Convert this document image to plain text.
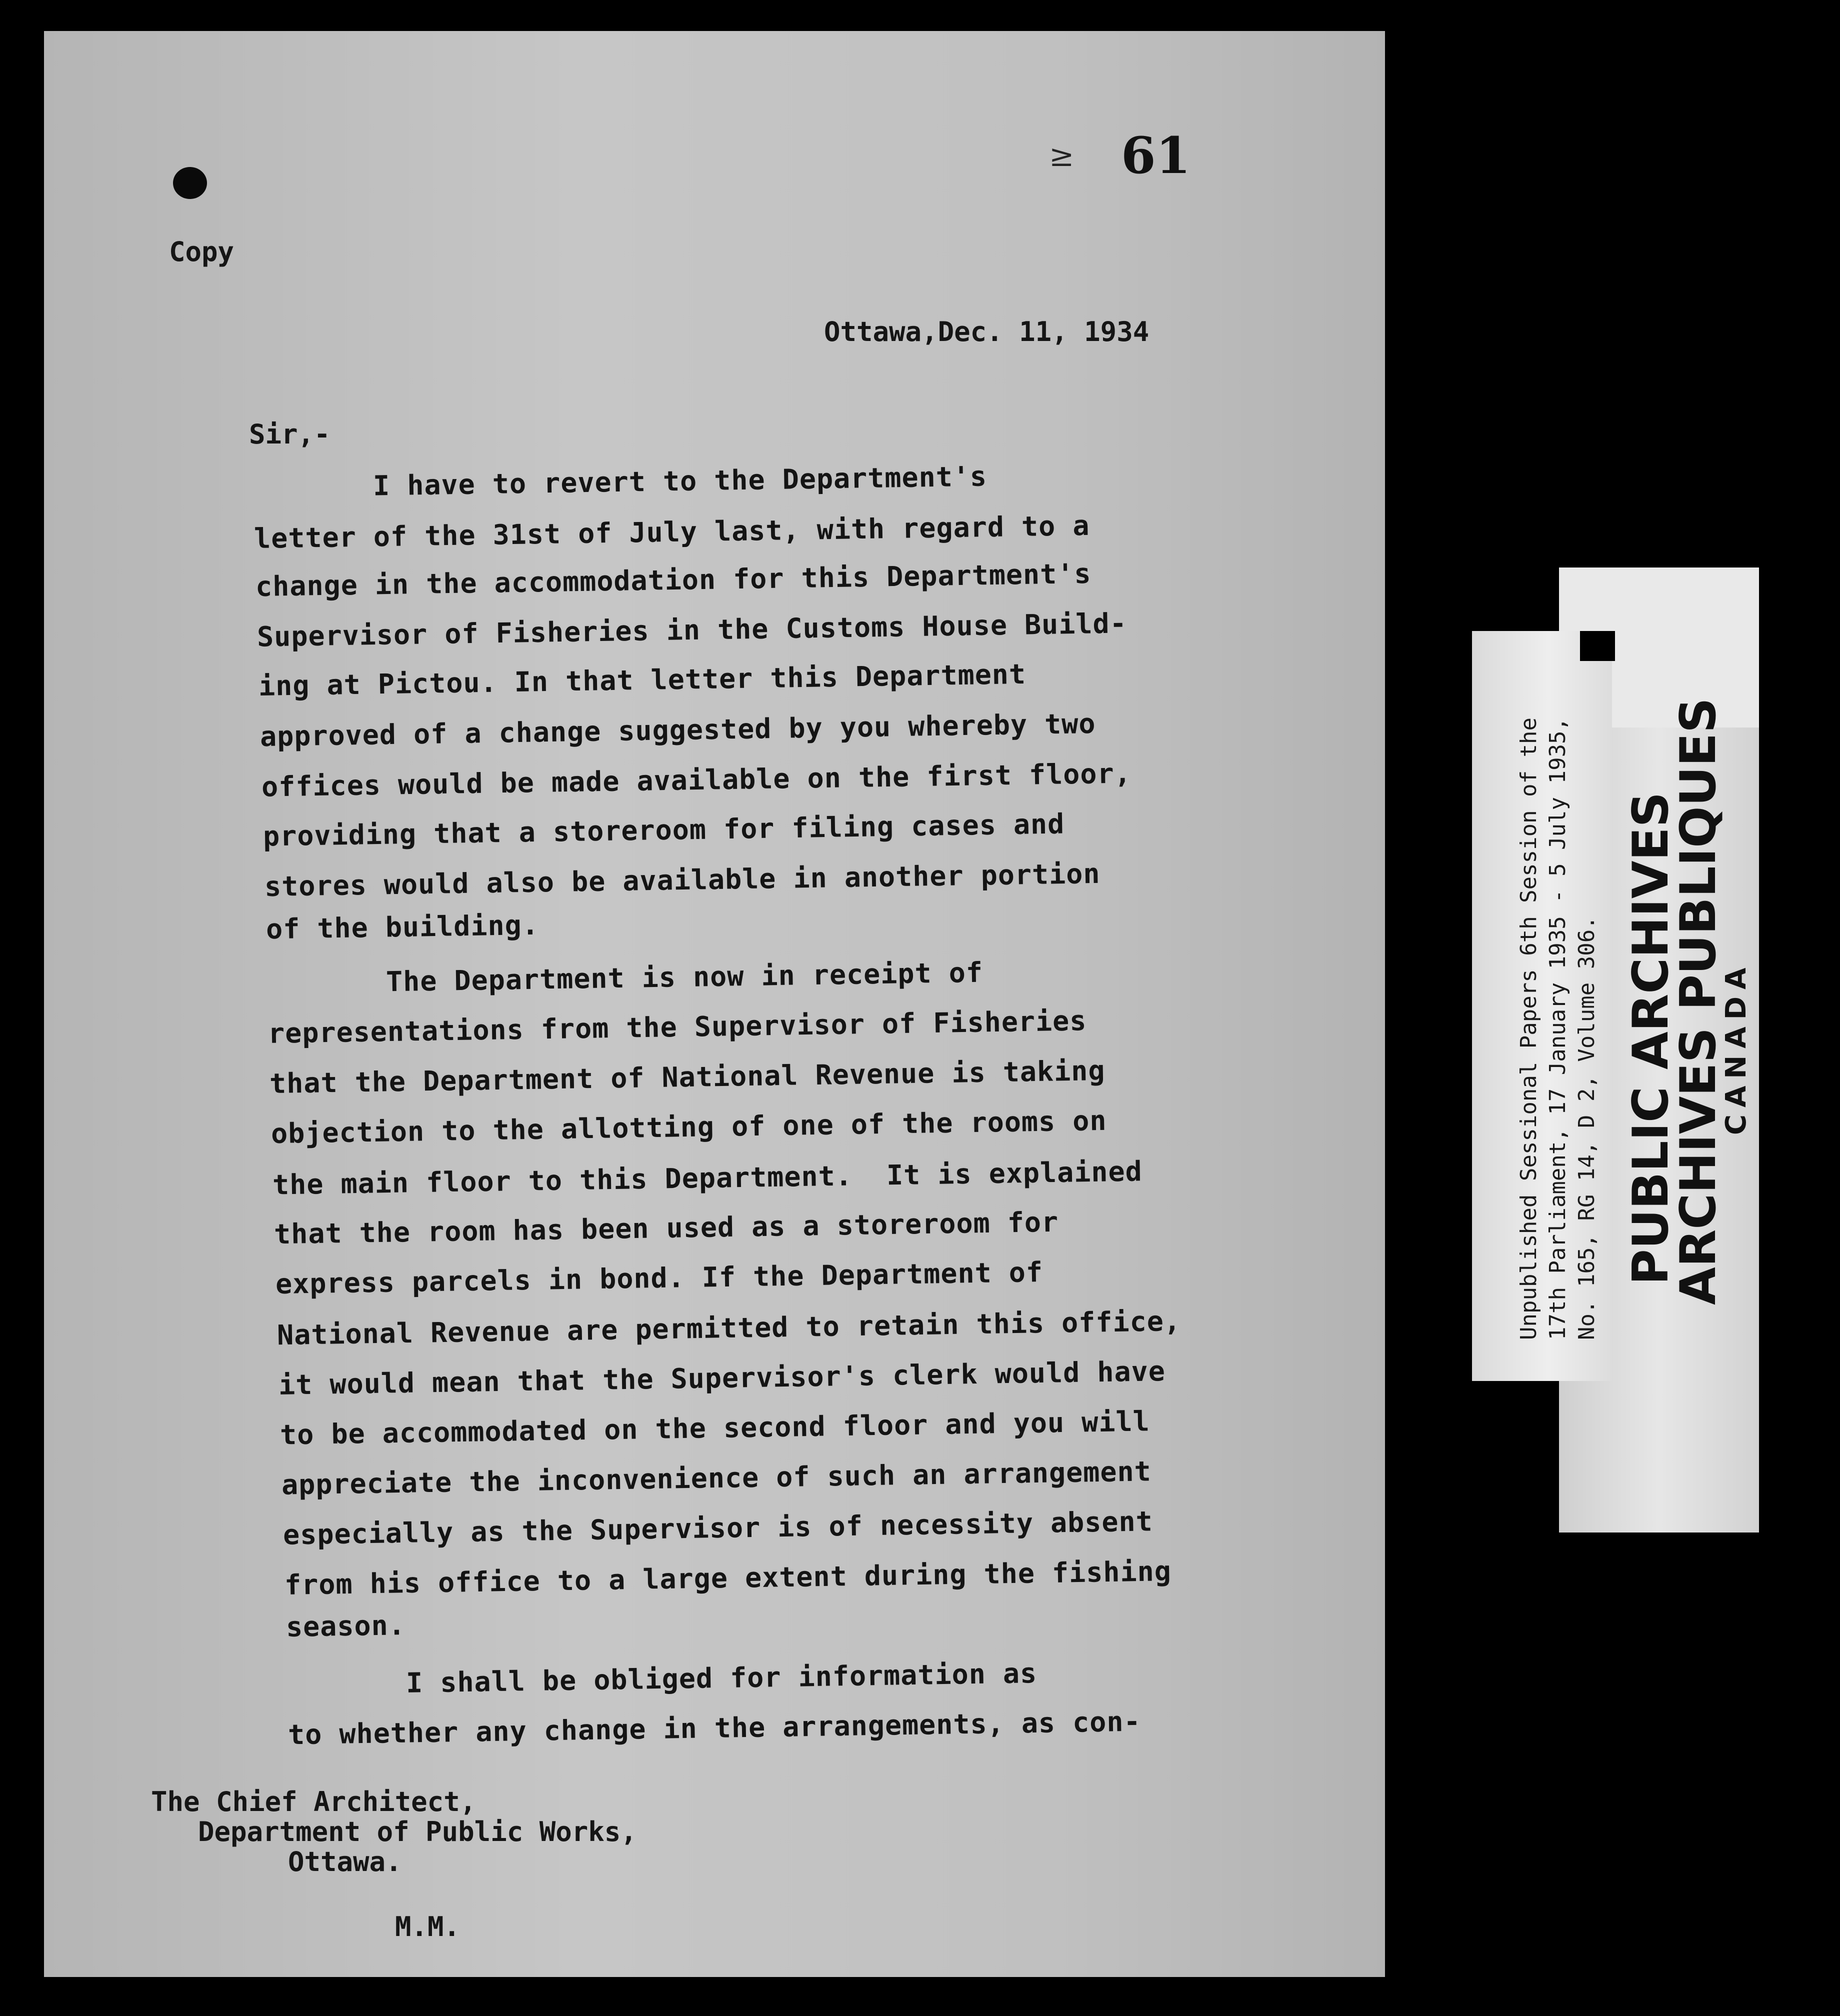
≥ 61
Copy
Ottawa,Dec. 11, 1934
Sir,-
I have to revert to the Department's
letter of the 31st of July last, with regard to a
change in the accommodation for this Department's
Supervisor of Fisheries in the Customs House Build-
ing at Pictou. In that letter this Department
approved of a change suggested by you whereby two
offices would be made available on the first floor,
providing that a storeroom for filing cases and
stores would also be available in another portion
of the building.
The Department is now in receipt of
representations from the Supervisor of Fisheries
that the Department of National Revenue is taking
objection to the allotting of one of the rooms on
the main floor to this Department.  It is explained
that the room has been used as a storeroom for
express parcels in bond. If the Department of
National Revenue are permitted to retain this office,
it would mean that the Supervisor's clerk would have
to be accommodated on the second floor and you will
appreciate the inconvenience of such an arrangement
especially as the Supervisor is of necessity absent
from his office to a large extent during the fishing
season.
I shall be obliged for information as
to whether any change in the arrangements, as con-
The Chief Architect,
Department of Public Works,
Ottawa.
M.M.
Unpublished Sessional Papers 6th Session of the 17th Parliament, 17 January 1935 - 5 July 1935, No. 165, RG 14, D 2, Volume 306. PUBLIC ARCHIVES
ARCHIVES PUBLIQUES
CANADA
